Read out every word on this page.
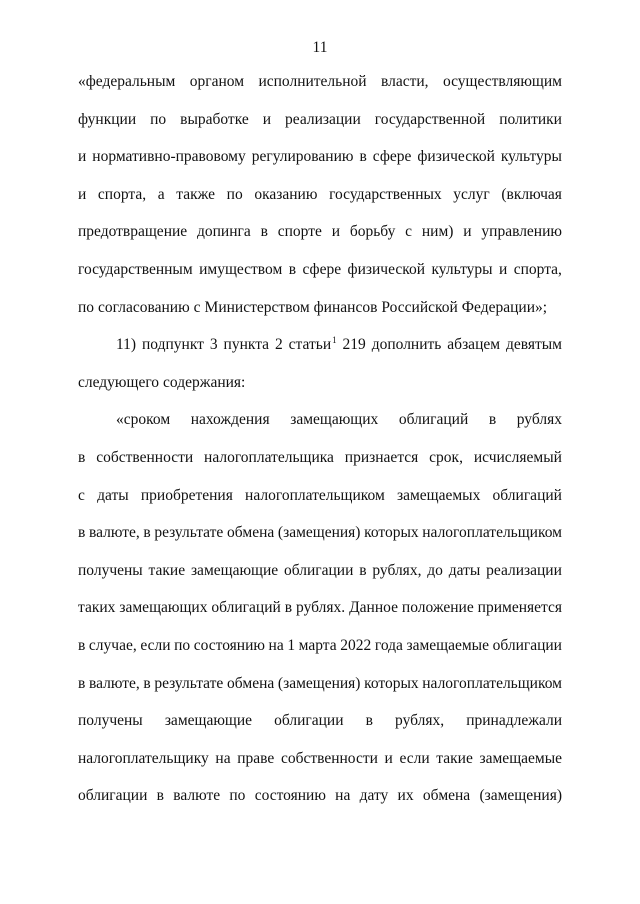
11
«федеральным органом исполнительной власти, осуществляющим
функции по выработке и реализации государственной политики
и нормативно-правовому регулированию в сфере физической культуры
и спорта, а также по оказанию государственных услуг (включая
предотвращение допинга в спорте и борьбу с ним) и управлению
государственным имуществом в сфере физической культуры и спорта,
по согласованию с Министерством финансов Российской Федерации»;
11) подпункт 3 пункта 2 статьи$^1$ 219 дополнить абзацем девятым
следующего содержания:
«сроком нахождения замещающих облигаций в рублях
в собственности налогоплательщика признается срок, исчисляемый
с даты приобретения налогоплательщиком замещаемых облигаций
в валюте, в результате обмена (замещения) которых налогоплательщиком
получены такие замещающие облигации в рублях, до даты реализации
таких замещающих облигаций в рублях. Данное положение применяется
в случае, если по состоянию на 1 марта 2022 года замещаемые облигации
в валюте, в результате обмена (замещения) которых налогоплательщиком
получены замещающие облигации в рублях, принадлежали
налогоплательщику на праве собственности и если такие замещаемые
облигации в валюте по состоянию на дату их обмена (замещения)
